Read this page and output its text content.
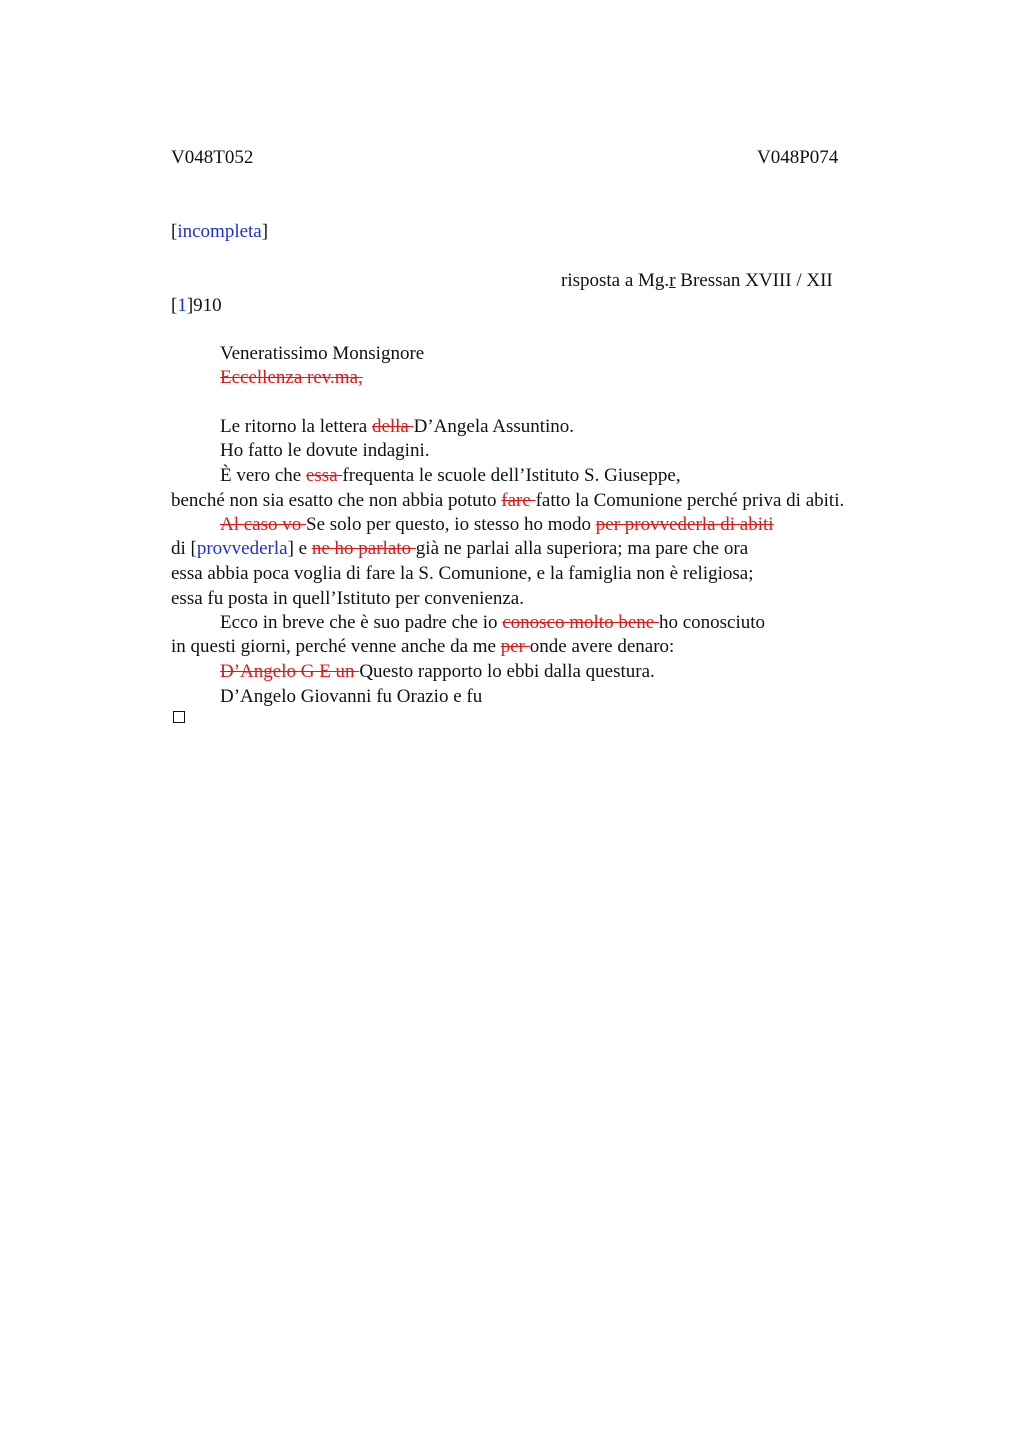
V048T052	V048P074
[incompleta]
risposta a Mg.r Bressan XVIII / XII
[1]910
Veneratissimo Monsignore
Eccellenza rev.ma,
Le ritorno la lettera della D’Angela Assuntino.
Ho fatto le dovute indagini.
È vero che essa frequenta le scuole dell’Istituto S. Giuseppe,
benché non sia esatto che non abbia potuto fare fatto la Comunione perché priva di abiti.
Al caso vo Se solo per questo, io stesso ho modo per provvederla di abiti
di [provvederla] e ne ho parlato già ne parlai alla superiora; ma pare che ora
essa abbia poca voglia di fare la S. Comunione, e la famiglia non è religiosa;
essa fu posta in quell’Istituto per convenienza.
Ecco in breve che è suo padre che io conosco molto bene ho conosciuto
in questi giorni, perché venne anche da me per onde avere denaro:
D’Angelo G E un Questo rapporto lo ebbi dalla questura.
D’Angelo Giovanni fu Orazio e fu
